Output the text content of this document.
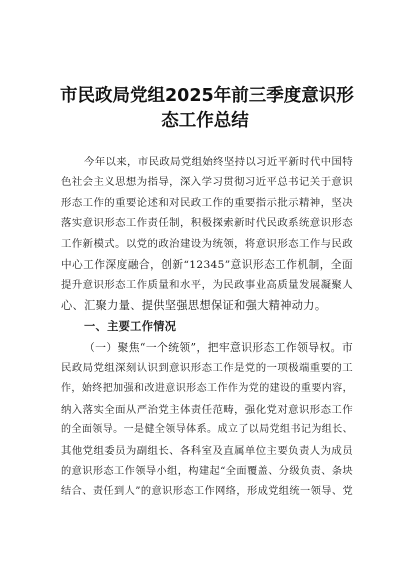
市民政局党组2025年前三季度意识形
态工作总结
今年以来，市民政局党组始终坚持以习近平新时代中国特
色社会主义思想为指导，深入学习贯彻习近平总书记关于意识
形态工作的重要论述和对民政工作的重要指示批示精神，坚决
落实意识形态工作责任制，积极探索新时代民政系统意识形态
工作新模式。以党的政治建设为统领，将意识形态工作与民政
中心工作深度融合，创新“12345”意识形态工作机制，全面
提升意识形态工作质量和水平，为民政事业高质量发展凝聚人
心、汇聚力量、提供坚强思想保证和强大精神动力。
一、主要工作情况
（一）聚焦“一个统领”，把牢意识形态工作领导权。市
民政局党组深刻认识到意识形态工作是党的一项极端重要的工
作，始终把加强和改进意识形态工作作为党的建设的重要内容，
纳入落实全面从严治党主体责任范畴，强化党对意识形态工作
的全面领导。一是健全领导体系。成立了以局党组书记为组长、
其他党组委员为副组长、各科室及直属单位主要负责人为成员
的意识形态工作领导小组，构建起“全面覆盖、分级负责、条块
结合、责任到人”的意识形态工作网络，形成党组统一领导、党
